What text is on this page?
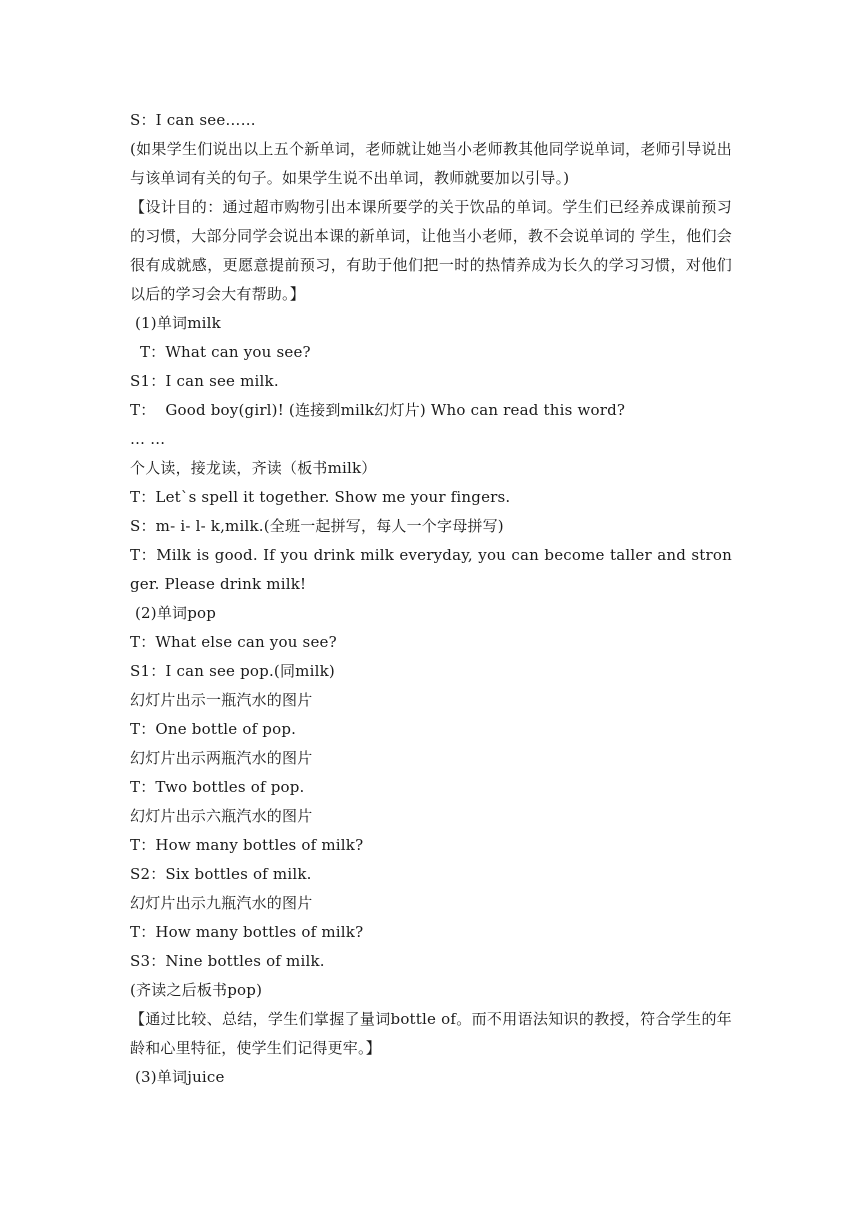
S：I can see……
(如果学生们说出以上五个新单词，老师就让她当小老师教其他同学说单词，老师引导说出与该单词有关的句子。如果学生说不出单词，教师就要加以引导。)
【设计目的：通过超市购物引出本课所要学的关于饮品的单词。学生们已经养成课前预习的习惯，大部分同学会说出本课的新单词，让他当小老师，教不会说单词的 学生，他们会很有成就感，更愿意提前预习，有助于他们把一时的热情养成为长久的学习习惯，对他们以后的学习会大有帮助。】
(1)单词milk
T：What can you see?
S1：I can see milk.
T：  Good boy(girl)! (连接到milk幻灯片) Who can read this word?
… …
个人读，接龙读，齐读（板书milk）
T：Let`s spell it together. Show me your fingers.
S：m- i- l- k,milk.(全班一起拼写，每人一个字母拼写)
T：Milk is good. If you drink milk everyday, you can become taller and stronger. Please drink milk!
(2)单词pop
T：What else can you see?
S1：I can see pop.(同milk)
幻灯片出示一瓶汽水的图片
T：One bottle of pop.
幻灯片出示两瓶汽水的图片
T：Two bottles of pop.
幻灯片出示六瓶汽水的图片
T：How many bottles of milk?
S2：Six bottles of milk.
幻灯片出示九瓶汽水的图片
T：How many bottles of milk?
S3：Nine bottles of milk.
(齐读之后板书pop)
【通过比较、总结，学生们掌握了量词bottle of。而不用语法知识的教授，符合学生的年龄和心里特征，使学生们记得更牢。】
(3)单词juice
